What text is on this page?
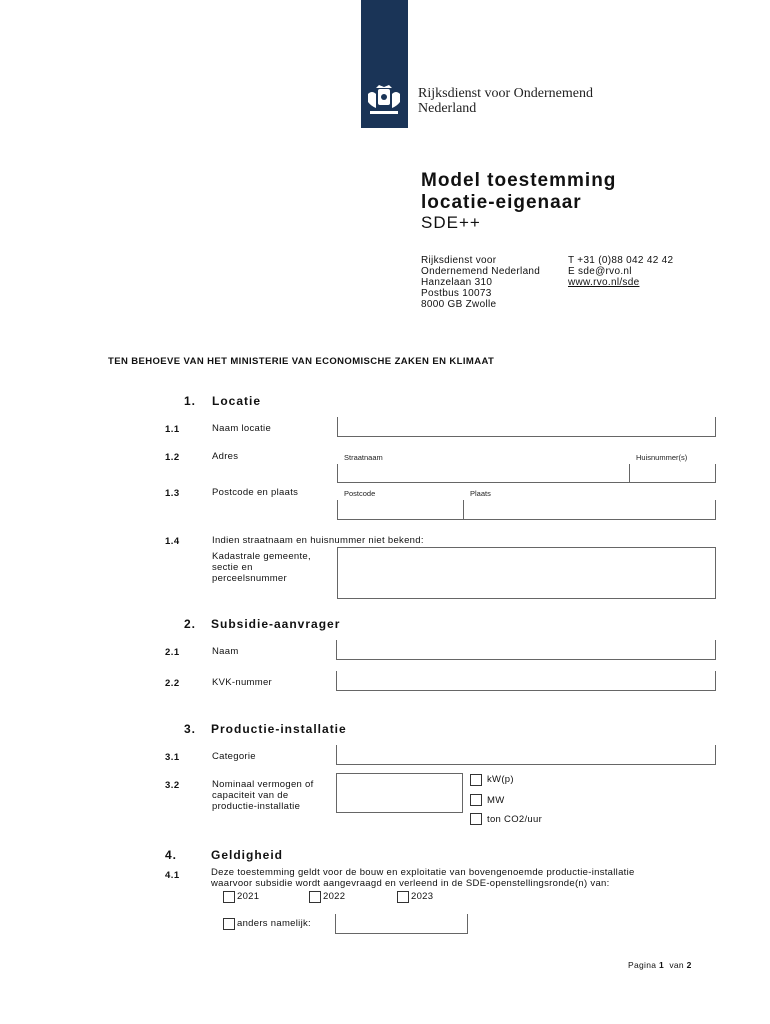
Rijksdienst voor Ondernemend
Nederland
Model toestemming
locatie-eigenaar
SDE++
Rijksdienst voor
Ondernemend Nederland
Hanzelaan 310
Postbus 10073
8000 GB Zwolle
T +31 (0)88 042 42 42
E sde@rvo.nl
www.rvo.nl/sde
TEN BEHOEVE VAN HET MINISTERIE VAN ECONOMISCHE ZAKEN EN KLIMAAT
1. Locatie
1.1	Naam locatie
1.2	Adres	Straatnaam	Huisnummer(s)
1.3	Postcode en plaats	Postcode	Plaats
1.4	Indien straatnaam en huisnummer niet bekend:
Kadastrale gemeente,
sectie en
perceelsnummer
2. Subsidie-aanvrager
2.1	Naam
2.2	KVK-nummer
3. Productie-installatie
3.1	Categorie
3.2	Nominaal vermogen of
capaciteit van de
productie-installatie
kW(p)
MW
ton CO2/uur
4.	Geldigheid
4.1	Deze toestemming geldt voor de bouw en exploitatie van bovengenoemde productie-installatie
waarvoor subsidie wordt aangevraagd en verleend in de SDE-openstellingsronde(n) van:
2021	2022	2023
anders namelijk:
Pagina 1 van 2
